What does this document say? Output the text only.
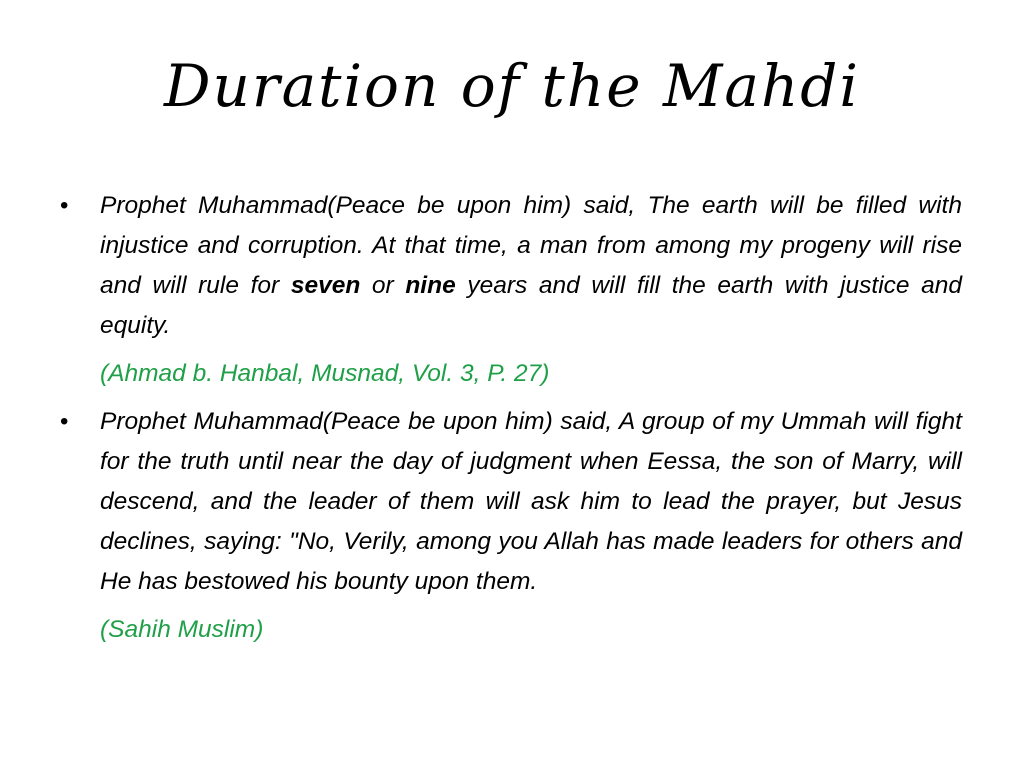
Duration of the Mahdi

• Prophet Muhammad(Peace be upon him) said, The earth will be filled with injustice and corruption. At that time, a man from among my progeny will rise and will rule for seven or nine years and will fill the earth with justice and equity.

(Ahmad b. Hanbal, Musnad, Vol. 3, P. 27)

• Prophet Muhammad(Peace be upon him) said, A group of my Ummah will fight for the truth until near the day of judgment when Eessa, the son of Marry, will descend, and the leader of them will ask him to lead the prayer, but Jesus declines, saying: "No, Verily, among you Allah has made leaders for others and He has bestowed his bounty upon them.

(Sahih Muslim)
